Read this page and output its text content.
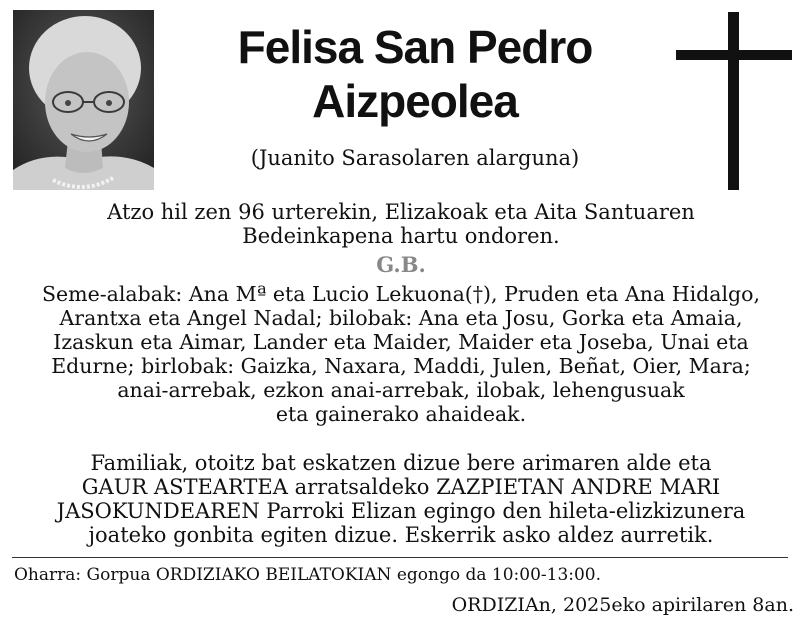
Felisa San Pedro
Aizpeolea
(Juanito Sarasolaren alarguna)
Atzo hil zen 96 urterekin, Elizakoak eta Aita Santuaren
Bedeinkapena hartu ondoren.
G.B.
Seme-alabak: Ana Mª eta Lucio Lekuona(†), Pruden eta Ana Hidalgo,
Arantxa eta Angel Nadal; bilobak: Ana eta Josu, Gorka eta Amaia,
Izaskun eta Aimar, Lander eta Maider, Maider eta Joseba, Unai eta
Edurne; birlobak: Gaizka, Naxara, Maddi, Julen, Beñat, Oier, Mara;
anai-arrebak, ezkon anai-arrebak, ilobak, lehengusuak
eta gainerako ahaideak.
Familiak, otoitz bat eskatzen dizue bere arimaren alde eta
GAUR ASTEARTEA arratsaldeko ZAZPIETAN ANDRE MARI
JASOKUNDEAREN Parroki Elizan egingo den hileta-elizkizunera
joateko gonbita egiten dizue. Eskerrik asko aldez aurretik.
Oharra: Gorpua ORDIZIAKO BEILATOKIAN egongo da 10:00-13:00.
ORDIZIAn, 2025eko apirilaren 8an.
